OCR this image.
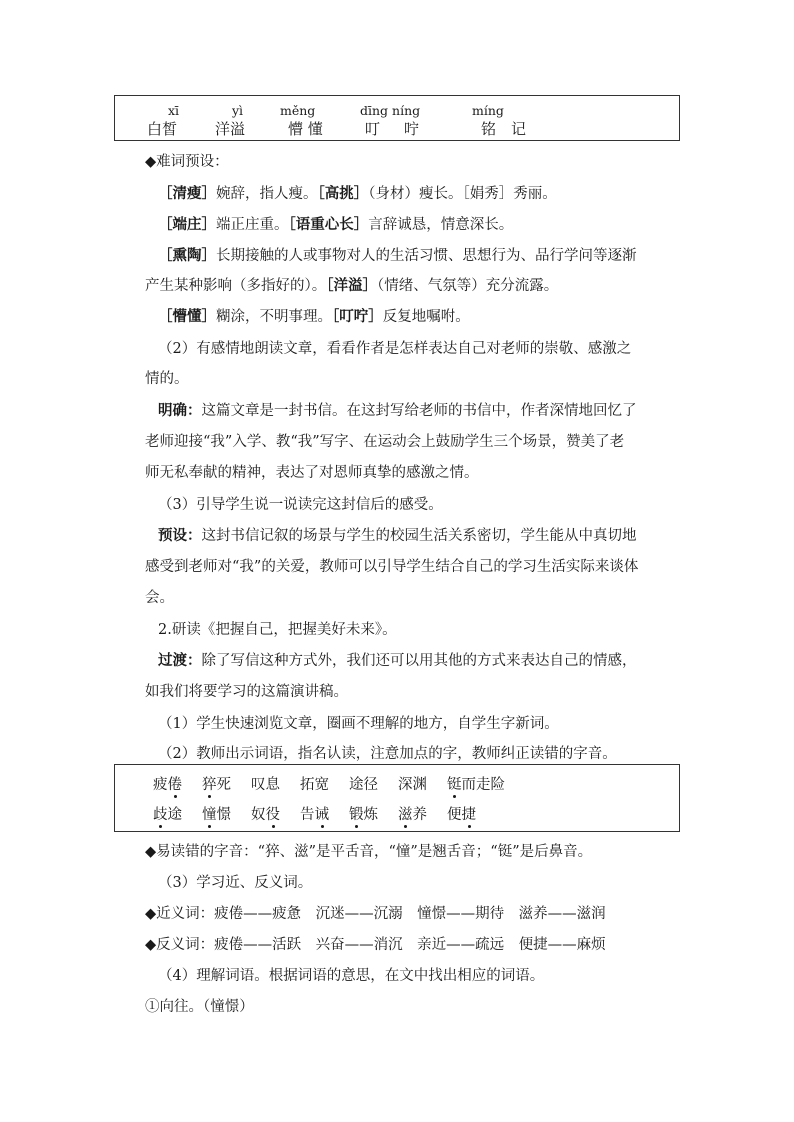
xī	yì	měng	dīng níng	míng
白皙	洋溢	懵 懂	叮 咛	铭 记
◆难词预设：
［清瘦］婉辞，指人瘦。［高挑］（身材）瘦长。［娟秀］秀丽。
［端庄］端正庄重。［语重心长］言辞诚恳，情意深长。
［熏陶］长期接触的人或事物对人的生活习惯、思想行为、品行学问等逐渐
产生某种影响（多指好的）。［洋溢］（情绪、气氛等）充分流露。
［懵懂］糊涂，不明事理。［叮咛］反复地嘱咐。
（2）有感情地朗读文章，看看作者是怎样表达自己对老师的崇敬、感激之
情的。
明确：这篇文章是一封书信。在这封写给老师的书信中，作者深情地回忆了
老师迎接“我”入学、教“我”写字、在运动会上鼓励学生三个场景，赞美了老
师无私奉献的精神，表达了对恩师真挚的感激之情。
（3）引导学生说一说读完这封信后的感受。
预设：这封书信记叙的场景与学生的校园生活关系密切，学生能从中真切地
感受到老师对“我”的关爱，教师可以引导学生结合自己的学习生活实际来谈体
会。
2.研读《把握自己，把握美好未来》。
过渡：除了写信这种方式外，我们还可以用其他的方式来表达自己的情感，
如我们将要学习的这篇演讲稿。
（1）学生快速浏览文章，圈画不理解的地方，自学生字新词。
（2）教师出示词语，指名认读，注意加点的字，教师纠正读错的字音。
疲倦 猝死 叹息 拓宽 途径 深渊 铤而走险
歧途 憧憬 奴役 告诫 锻炼 滋养 便捷
◆易读错的字音：“猝、滋”是平舌音，“憧”是翘舌音；“铤”是后鼻音。
（3）学习近、反义词。
◆近义词：疲倦——疲惫　沉迷——沉溺　憧憬——期待　滋养——滋润
◆反义词：疲倦——活跃　兴奋——消沉　亲近——疏远　便捷——麻烦
（4）理解词语。根据词语的意思，在文中找出相应的词语。
①向往。（憧憬）
